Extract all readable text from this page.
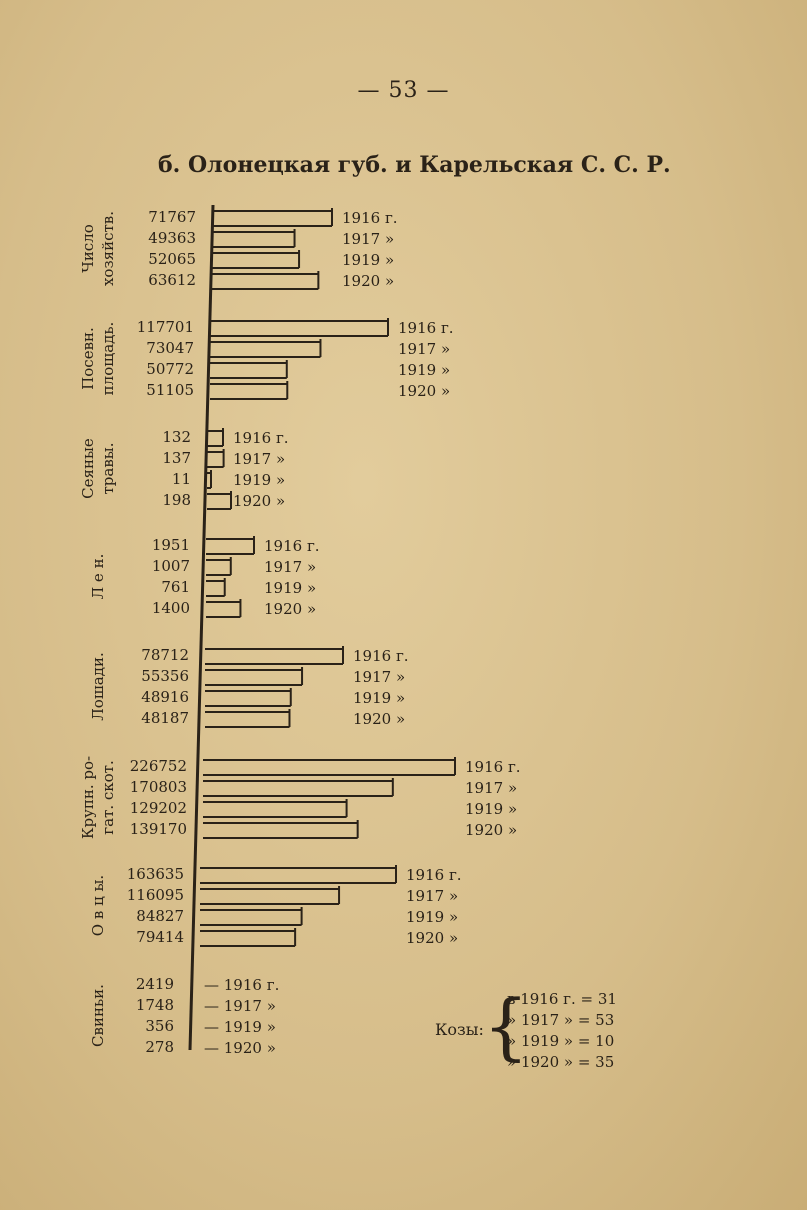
— 53 —
б. Олонецкая губ. и Карельская С. С. Р.
Число хозяйств. 71767	1916 г.
49363	1917 »
52065	1919 »
63612	1920 »
Посевн. площадь. 117701	1916 г.
73047	1917 »
50772	1919 »
51105	1920 »
Сеяные травы.
132	1916 г.
137	1917 »
11	1919 »
198	1920 »
Л е н.
1951	1916 г.
1007	1917 »
761	1919 »
1400	1920 »
Лошади. 78712	1916 г.
55356	1917 »
48916	1919 »
48187	1920 »
Крупн. ро- гат. скот. 226752	1916 г.
170803	1917 »
129202	1919 »
139170	1920 »
О в ц ы.
163635	1916 г.
116095	1917 »
84827	1919 »
79414	1920 »
Свиньи.
2419 — 1916 г.
1748 — 1917 »
356 — 1919 »
278 — 1920 »
Козы: {
в 1916 г. = 31
» 1917 » = 53
» 1919 » = 10
» 1920 » = 35
